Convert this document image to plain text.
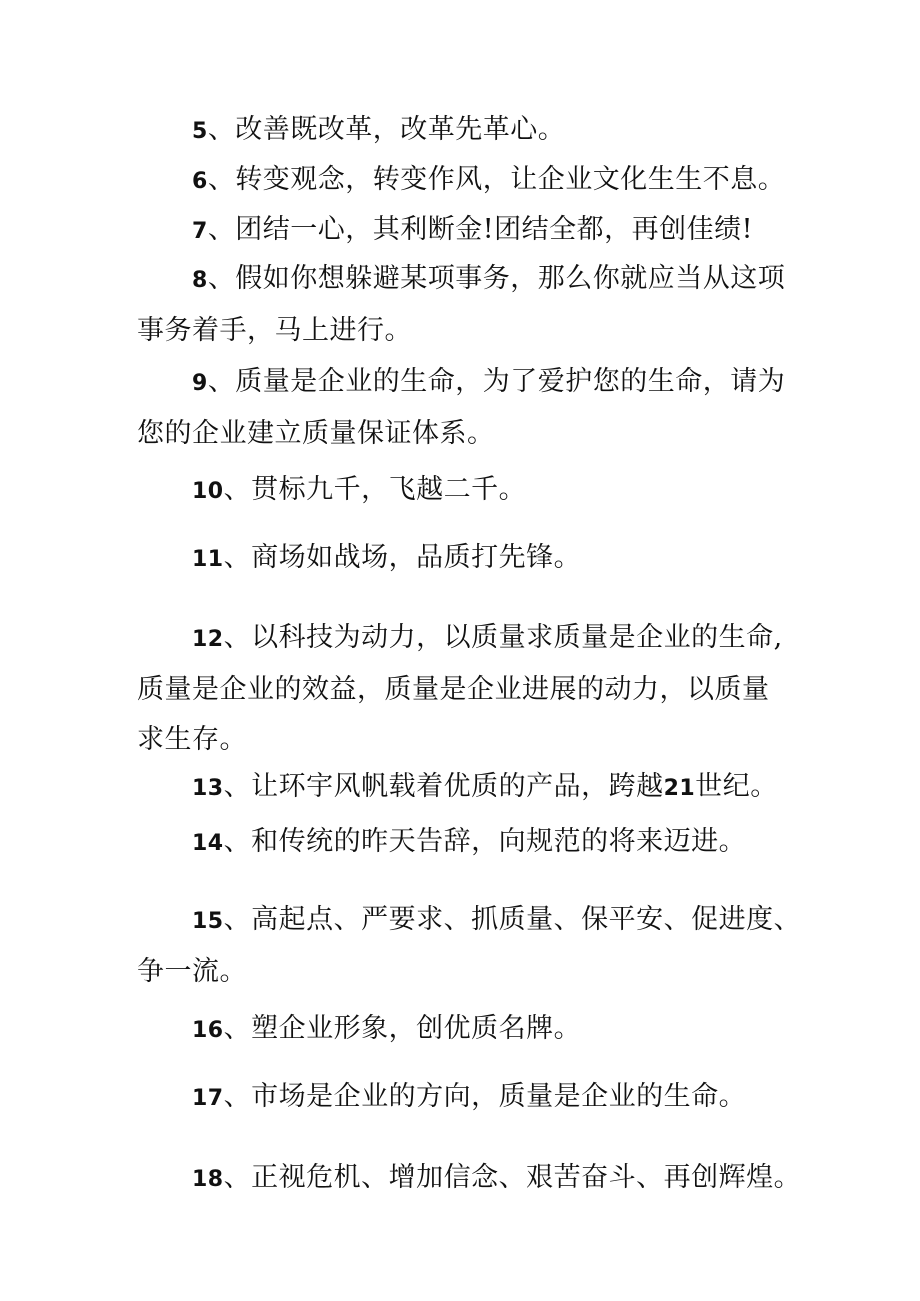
5、改善既改革，改革先革心。
6、转变观念，转变作风，让企业文化生生不息。
7、团结一心，其利断金!团结全都，再创佳绩!
8、假如你想躲避某项事务，那么你就应当从这项
事务着手，马上进行。
9、质量是企业的生命，为了爱护您的生命，请为
您的企业建立质量保证体系。
10、贯标九千，飞越二千。
11、商场如战场，品质打先锋。
12、以科技为动力，以质量求质量是企业的生命,
质量是企业的效益，质量是企业进展的动力，以质量
求生存。
13、让环宇风帆载着优质的产品，跨越21世纪。
14、和传统的昨天告辞，向规范的将来迈进。
15、高起点、严要求、抓质量、保平安、促进度、
争一流。
16、塑企业形象，创优质名牌。
17、市场是企业的方向，质量是企业的生命。
18、正视危机、增加信念、艰苦奋斗、再创辉煌。
